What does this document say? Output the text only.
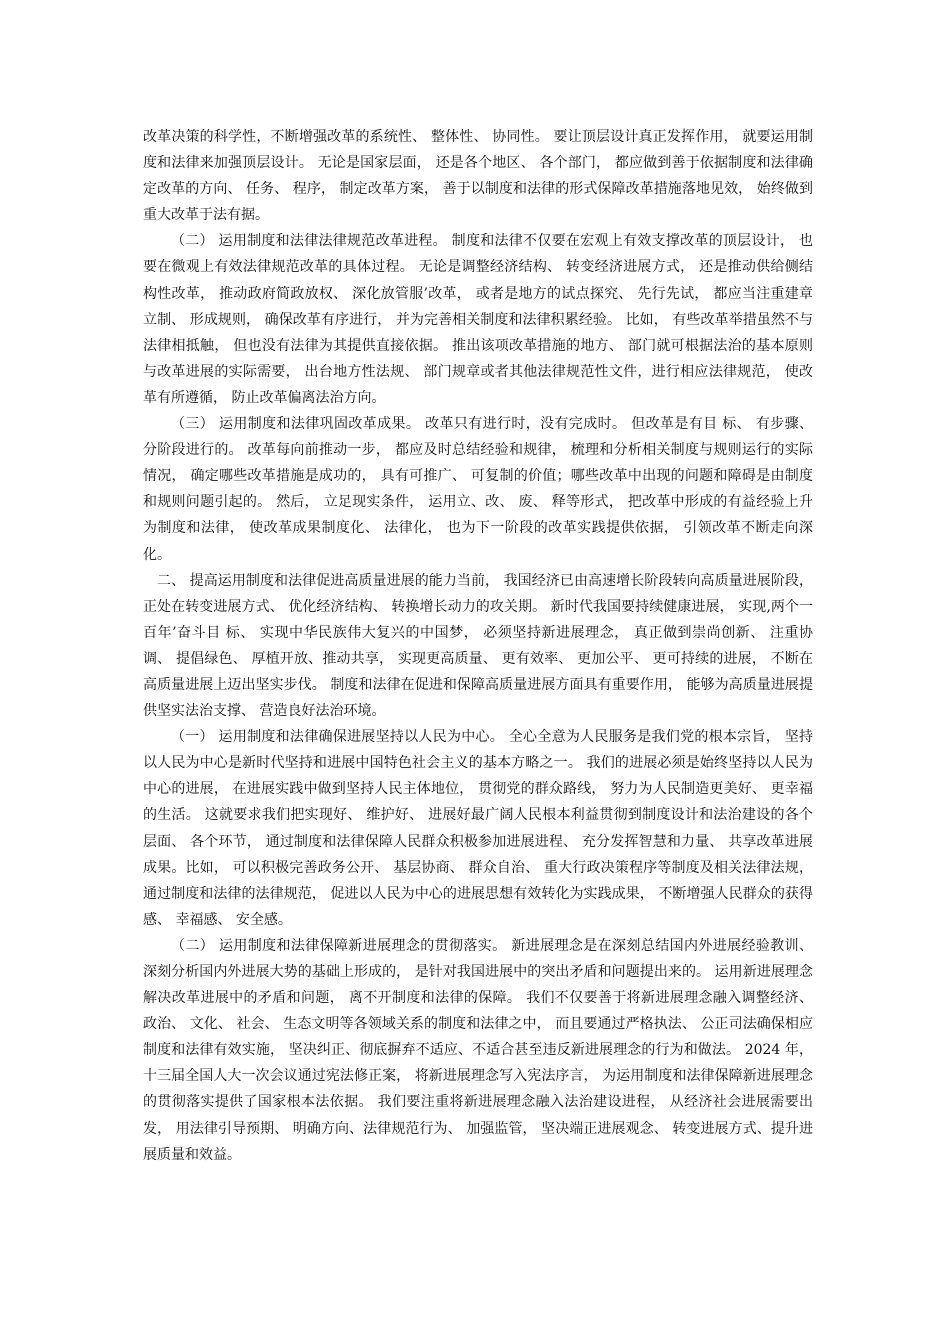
改革决策的科学性，不断增强改革的系统性、 整体性、 协同性。 要让顶层设计真正发挥作用， 就要运用制度和法律来加强顶层设计。 无论是国家层面， 还是各个地区、 各个部门， 都应做到善于依据制度和法律确定改革的方向、 任务、 程序， 制定改革方案， 善于以制度和法律的形式保障改革措施落地见效， 始终做到重大改革于法有据。

（二） 运用制度和法律法律规范改革进程。 制度和法律不仅要在宏观上有效支撑改革的顶层设计， 也要在微观上有效法律规范改革的具体过程。 无论是调整经济结构、 转变经济进展方式， 还是推动供给侧结构性改革， 推动政府简政放权、 深化放管服’改革， 或者是地方的试点探究、 先行先试， 都应当注重建章立制、 形成规则， 确保改革有序进行， 并为完善相关制度和法律积累经验。 比如， 有些改革举措虽然不与法律相抵触， 但也没有法律为其提供直接依据。 推出该项改革措施的地方、 部门就可根据法治的基本原则与改革进展的实际需要， 出台地方性法规、 部门规章或者其他法律规范性文件，进行相应法律规范， 使改革有所遵循， 防止改革偏离法治方向。

（三） 运用制度和法律巩固改革成果。 改革只有进行时，没有完成时。 但改革是有目 标、 有步骤、 分阶段进行的。 改革每向前推动一步， 都应及时总结经验和规律， 梳理和分析相关制度与规则运行的实际情况， 确定哪些改革措施是成功的， 具有可推广、 可复制的价值；哪些改革中出现的问题和障碍是由制度和规则问题引起的。 然后， 立足现实条件， 运用立、改、 废、 释等形式， 把改革中形成的有益经验上升为制度和法律， 使改革成果制度化、 法律化， 也为下一阶段的改革实践提供依据， 引领改革不断走向深化。

二、 提高运用制度和法律促进高质量进展的能力当前， 我国经济已由高速增长阶段转向高质量进展阶段，正处在转变进展方式、 优化经济结构、 转换增长动力的攻关期。 新时代我国要持续健康进展， 实现‚两个一百年’奋斗目 标、 实现中华民族伟大复兴的中国梦， 必须坚持新进展理念， 真正做到崇尚创新、 注重协调、 提倡绿色、 厚植开放、推动共享， 实现更高质量、 更有效率、 更加公平、 更可持续的进展， 不断在高质量进展上迈出坚实步伐。 制度和法律在促进和保障高质量进展方面具有重要作用， 能够为高质量进展提供坚实法治支撑、 营造良好法治环境。

（一） 运用制度和法律确保进展坚持以人民为中心。 全心全意为人民服务是我们党的根本宗旨， 坚持以人民为中心是新时代坚持和进展中国特色社会主义的基本方略之一。 我们的进展必须是始终坚持以人民为中心的进展， 在进展实践中做到坚持人民主体地位， 贯彻党的群众路线， 努力为人民制造更美好、 更幸福的生活。 这就要求我们把实现好、 维护好、 进展好最广阔人民根本利益贯彻到制度设计和法治建设的各个层面、 各个环节， 通过制度和法律保障人民群众积极参加进展进程、 充分发挥智慧和力量、 共享改革进展成果。比如， 可以积极完善政务公开、 基层协商、 群众自治、 重大行政决策程序等制度及相关法律法规， 通过制度和法律的法律规范， 促进以人民为中心的进展思想有效转化为实践成果， 不断增强人民群众的获得感、 幸福感、 安全感。

（二） 运用制度和法律保障新进展理念的贯彻落实。 新进展理念是在深刻总结国内外进展经验教训、 深刻分析国内外进展大势的基础上形成的， 是针对我国进展中的突出矛盾和问题提出来的。 运用新进展理念解决改革进展中的矛盾和问题， 离不开制度和法律的保障。 我们不仅要善于将新进展理念融入调整经济、 政治、 文化、 社会、 生态文明等各领域关系的制度和法律之中， 而且要通过严格执法、 公正司法确保相应制度和法律有效实施， 坚决纠正、彻底摒弃不适应、不适合甚至违反新进展理念的行为和做法。 2024 年， 十三届全国人大一次会议通过宪法修正案， 将新进展理念写入宪法序言， 为运用制度和法律保障新进展理念的贯彻落实提供了国家根本法依据。 我们要注重将新进展理念融入法治建设进程， 从经济社会进展需要出发， 用法律引导预期、 明确方向、法律规范行为、 加强监管， 坚决端正进展观念、 转变进展方式、提升进展质量和效益。
